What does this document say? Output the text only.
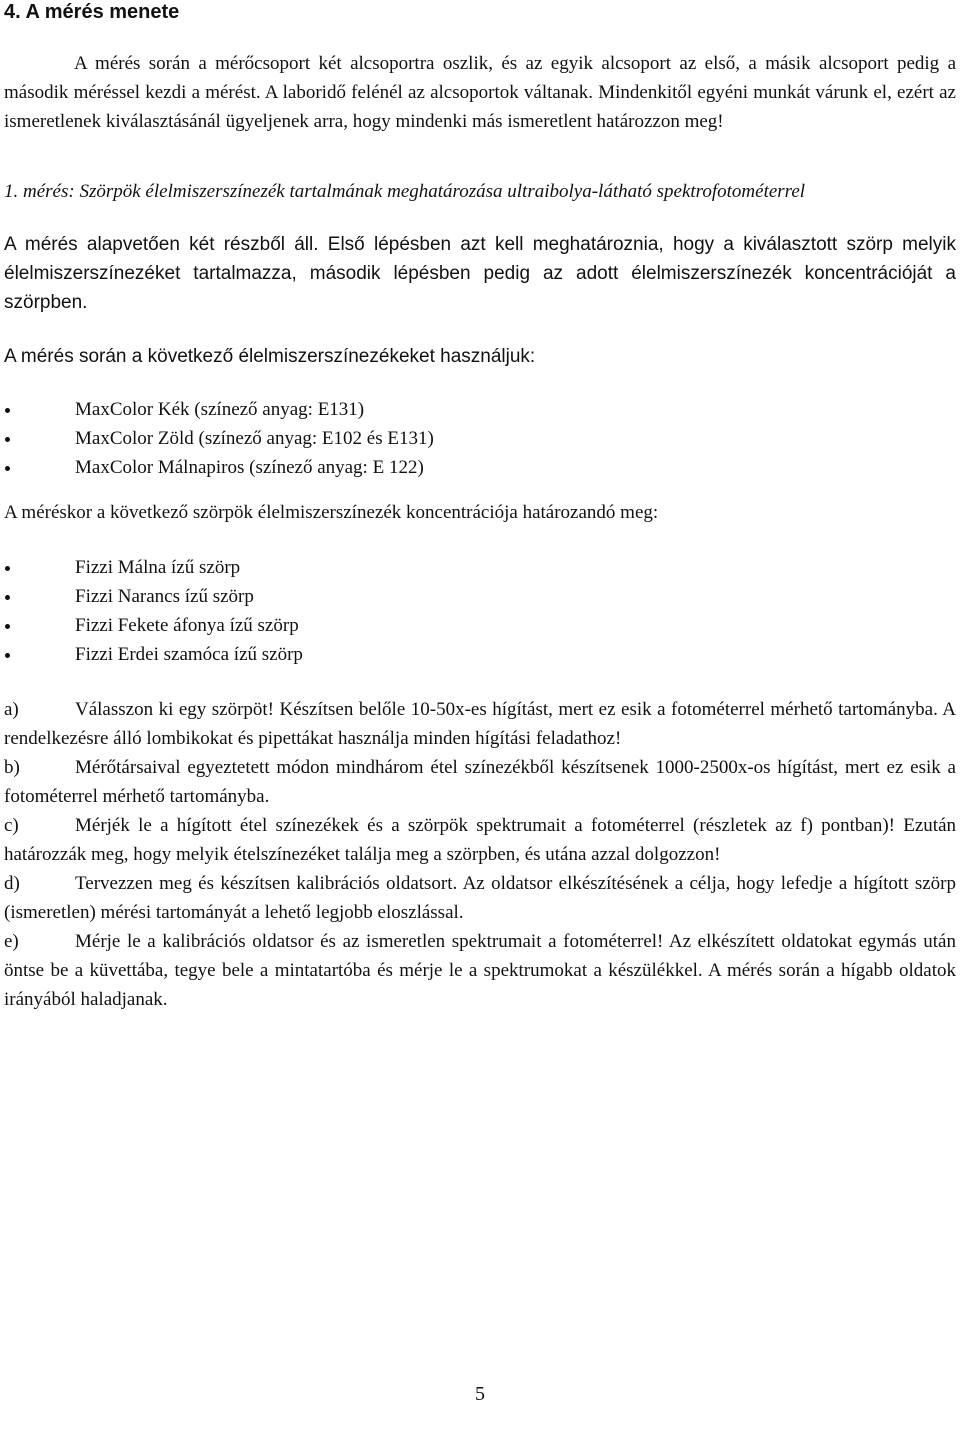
4. A mérés menete

A mérés során a mérőcsoport két alcsoportra oszlik, és az egyik alcsoport az első, a másik alcsoport pedig a második méréssel kezdi a mérést. A laboridő felénél az alcsoportok váltanak. Mindenkitől egyéni munkát várunk el, ezért az ismeretlenek kiválasztásánál ügyeljenek arra, hogy mindenki más ismeretlent határozzon meg!

1. mérés: Szörpök élelmiszerszínezék tartalmának meghatározása ultraibolya-látható spektrofotométerrel

A mérés alapvetően két részből áll. Első lépésben azt kell meghatároznia, hogy a kiválasztott szörp melyik élelmiszerszínezéket tartalmazza, második lépésben pedig az adott élelmiszerszínezék koncentrációját a szörpben.

A mérés során a következő élelmiszerszínezékeket használjuk:

MaxColor Kék (színező anyag: E131)
MaxColor Zöld (színező anyag: E102 és E131)
MaxColor Málnapiros (színező anyag: E 122)

A méréskor a következő szörpök élelmiszerszínezék koncentrációja határozandó meg:

Fizzi Málna ízű szörp
Fizzi Narancs ízű szörp
Fizzi Fekete áfonya ízű szörp
Fizzi Erdei szamóca ízű szörp

a)	Válasszon ki egy szörpöt! Készítsen belőle 10-50x-es hígítást, mert ez esik a fotométerrel mérhető tartományba. A rendelkezésre álló lombikokat és pipettákat használja minden hígítási feladathoz!

b)	Mérőtársaival egyeztetett módon mindhárom étel színezékből készítsenek 1000-2500x-os hígítást, mert ez esik a fotométerrel mérhető tartományba.

c)	Mérjék le a hígított étel színezékek és a szörpök spektrumait a fotométerrel (részletek az f) pontban)! Ezután határozzák meg, hogy melyik ételszínezéket találja meg a szörpben, és utána azzal dolgozzon!

d)	Tervezzen meg és készítsen kalibrációs oldatsort. Az oldatsor elkészítésének a célja, hogy lefedje a hígított szörp (ismeretlen) mérési tartományát a lehető legjobb eloszlással.

e)	Mérje le a kalibrációs oldatsor és az ismeretlen spektrumait a fotométerrel! Az elkészített oldatokat egymás után öntse be a küvettába, tegye bele a mintatartóba és mérje le a spektrumokat a készülékkel. A mérés során a hígabb oldatok irányából haladjanak.

5
